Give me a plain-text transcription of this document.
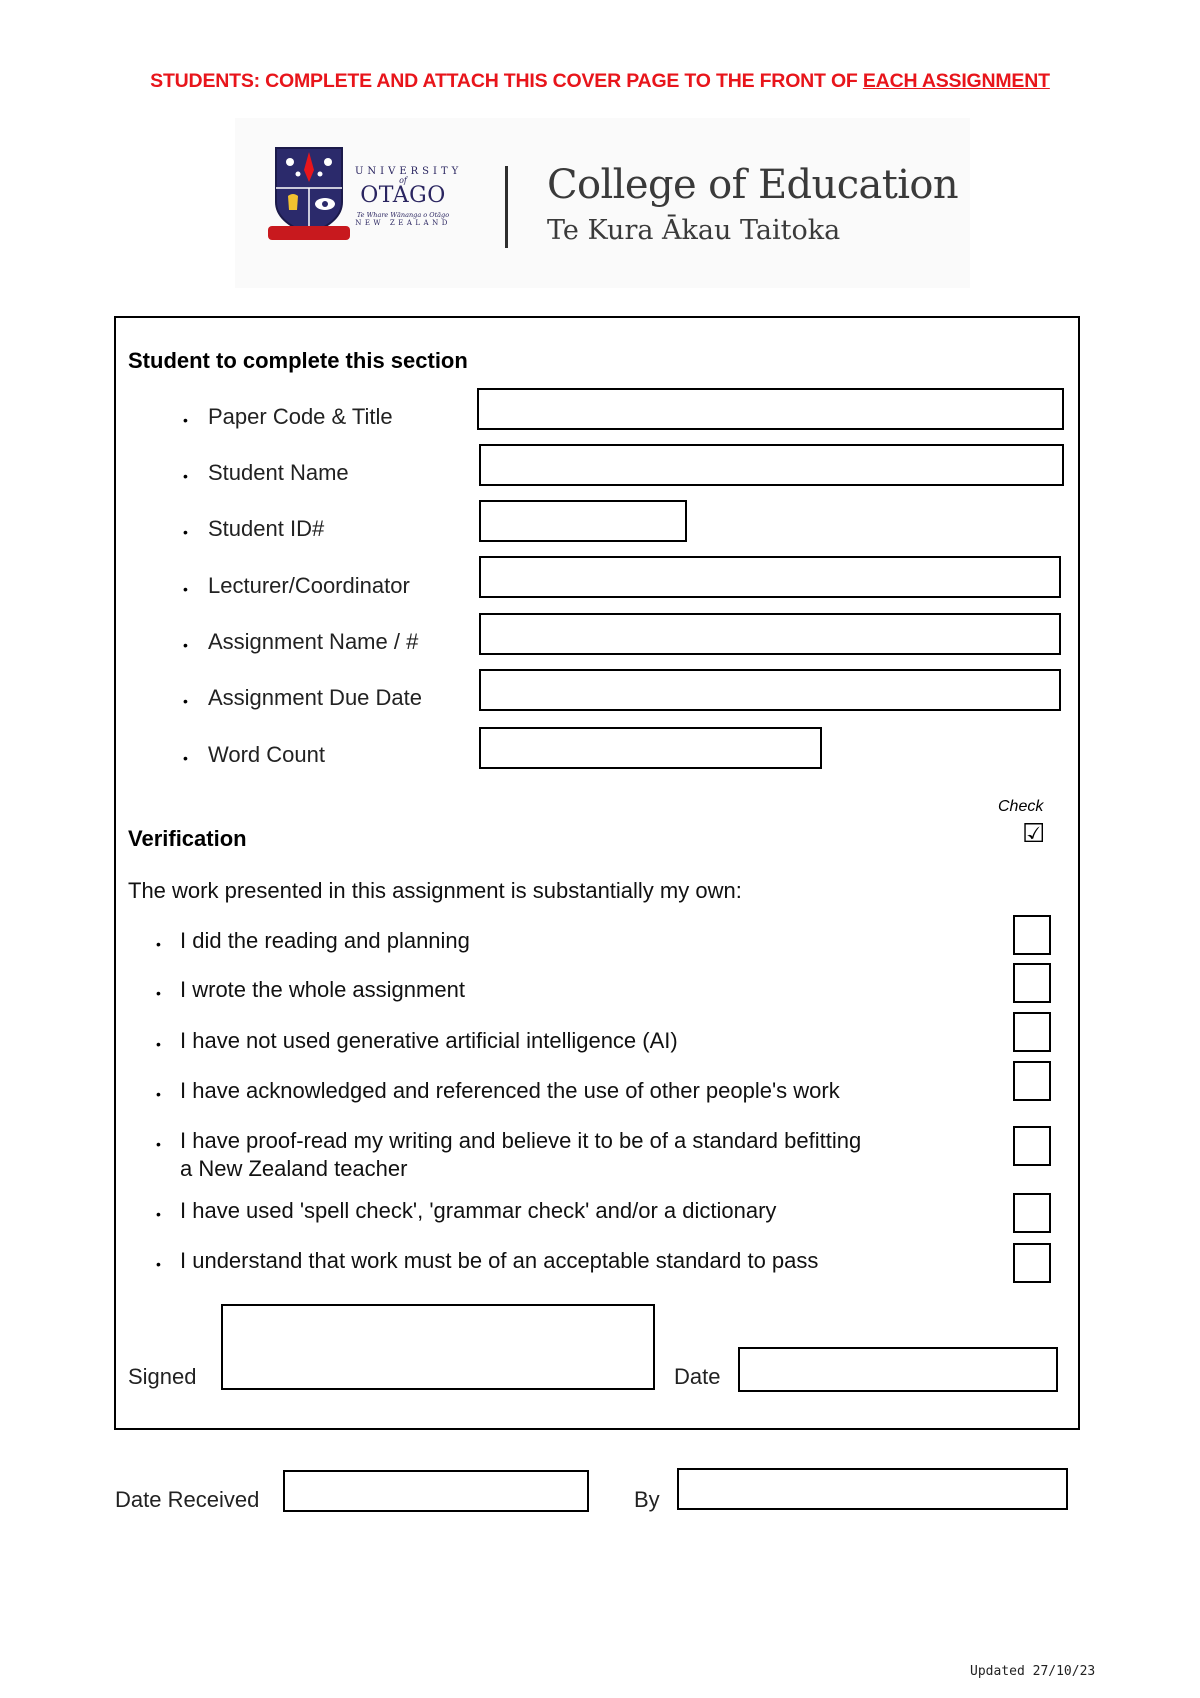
STUDENTS: COMPLETE AND ATTACH THIS COVER PAGE TO THE FRONT OF EACH ASSIGNMENT
UNIVERSITY
of
OTAGO
Te Whare Wānanga o Otāgo
NEW ZEALAND
College of Education
Te Kura Ākau Taitoka
Student to complete this section
• Paper Code & Title
• Student Name
• Student ID#
• Lecturer/Coordinator
• Assignment Name / #
• Assignment Due Date
• Word Count
Check
☑
Verification
The work presented in this assignment is substantially my own:
• I did the reading and planning
• I wrote the whole assignment
• I have not used generative artificial intelligence (AI)
• I have acknowledged and referenced the use of other people's work
• I have proof-read my writing and believe it to be of a standard befitting
a New Zealand teacher
• I have used 'spell check', 'grammar check' and/or a dictionary
• I understand that work must be of an acceptable standard to pass
Signed	Date
Date Received	By
Updated 27/10/23
